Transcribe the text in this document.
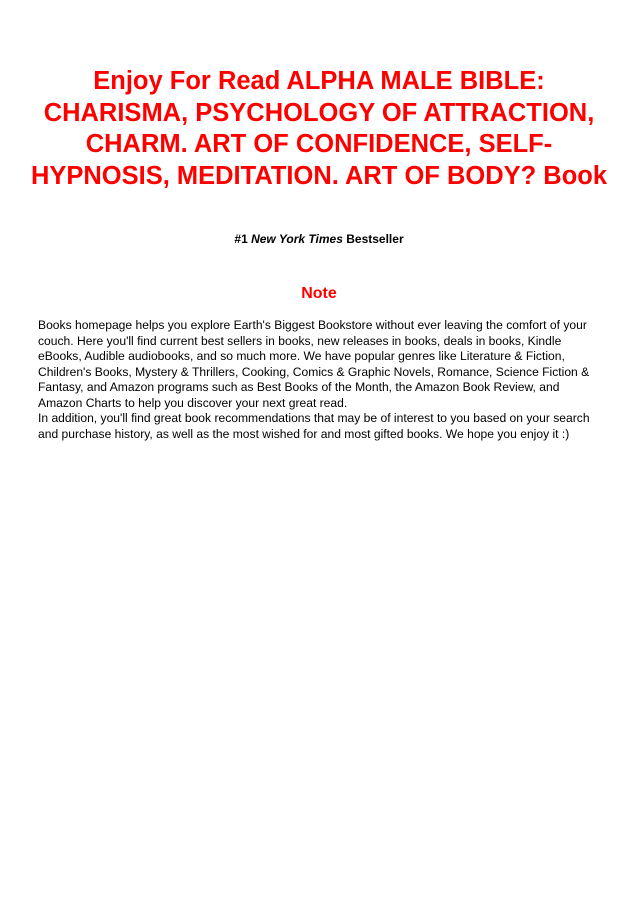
Enjoy For Read ALPHA MALE BIBLE: CHARISMA, PSYCHOLOGY OF ATTRACTION, CHARM. ART OF CONFIDENCE, SELF-HYPNOSIS, MEDITATION. ART OF BODY? Book
#1 New York Times Bestseller
Note

Books homepage helps you explore Earth's Biggest Bookstore without ever leaving the comfort of your couch. Here you'll find current best sellers in books, new releases in books, deals in books, Kindle eBooks, Audible audiobooks, and so much more. We have popular genres like Literature & Fiction, Children's Books, Mystery & Thrillers, Cooking, Comics & Graphic Novels, Romance, Science Fiction & Fantasy, and Amazon programs such as Best Books of the Month, the Amazon Book Review, and Amazon Charts to help you discover your next great read.

In addition, you'll find great book recommendations that may be of interest to you based on your search and purchase history, as well as the most wished for and most gifted books. We hope you enjoy it :)
